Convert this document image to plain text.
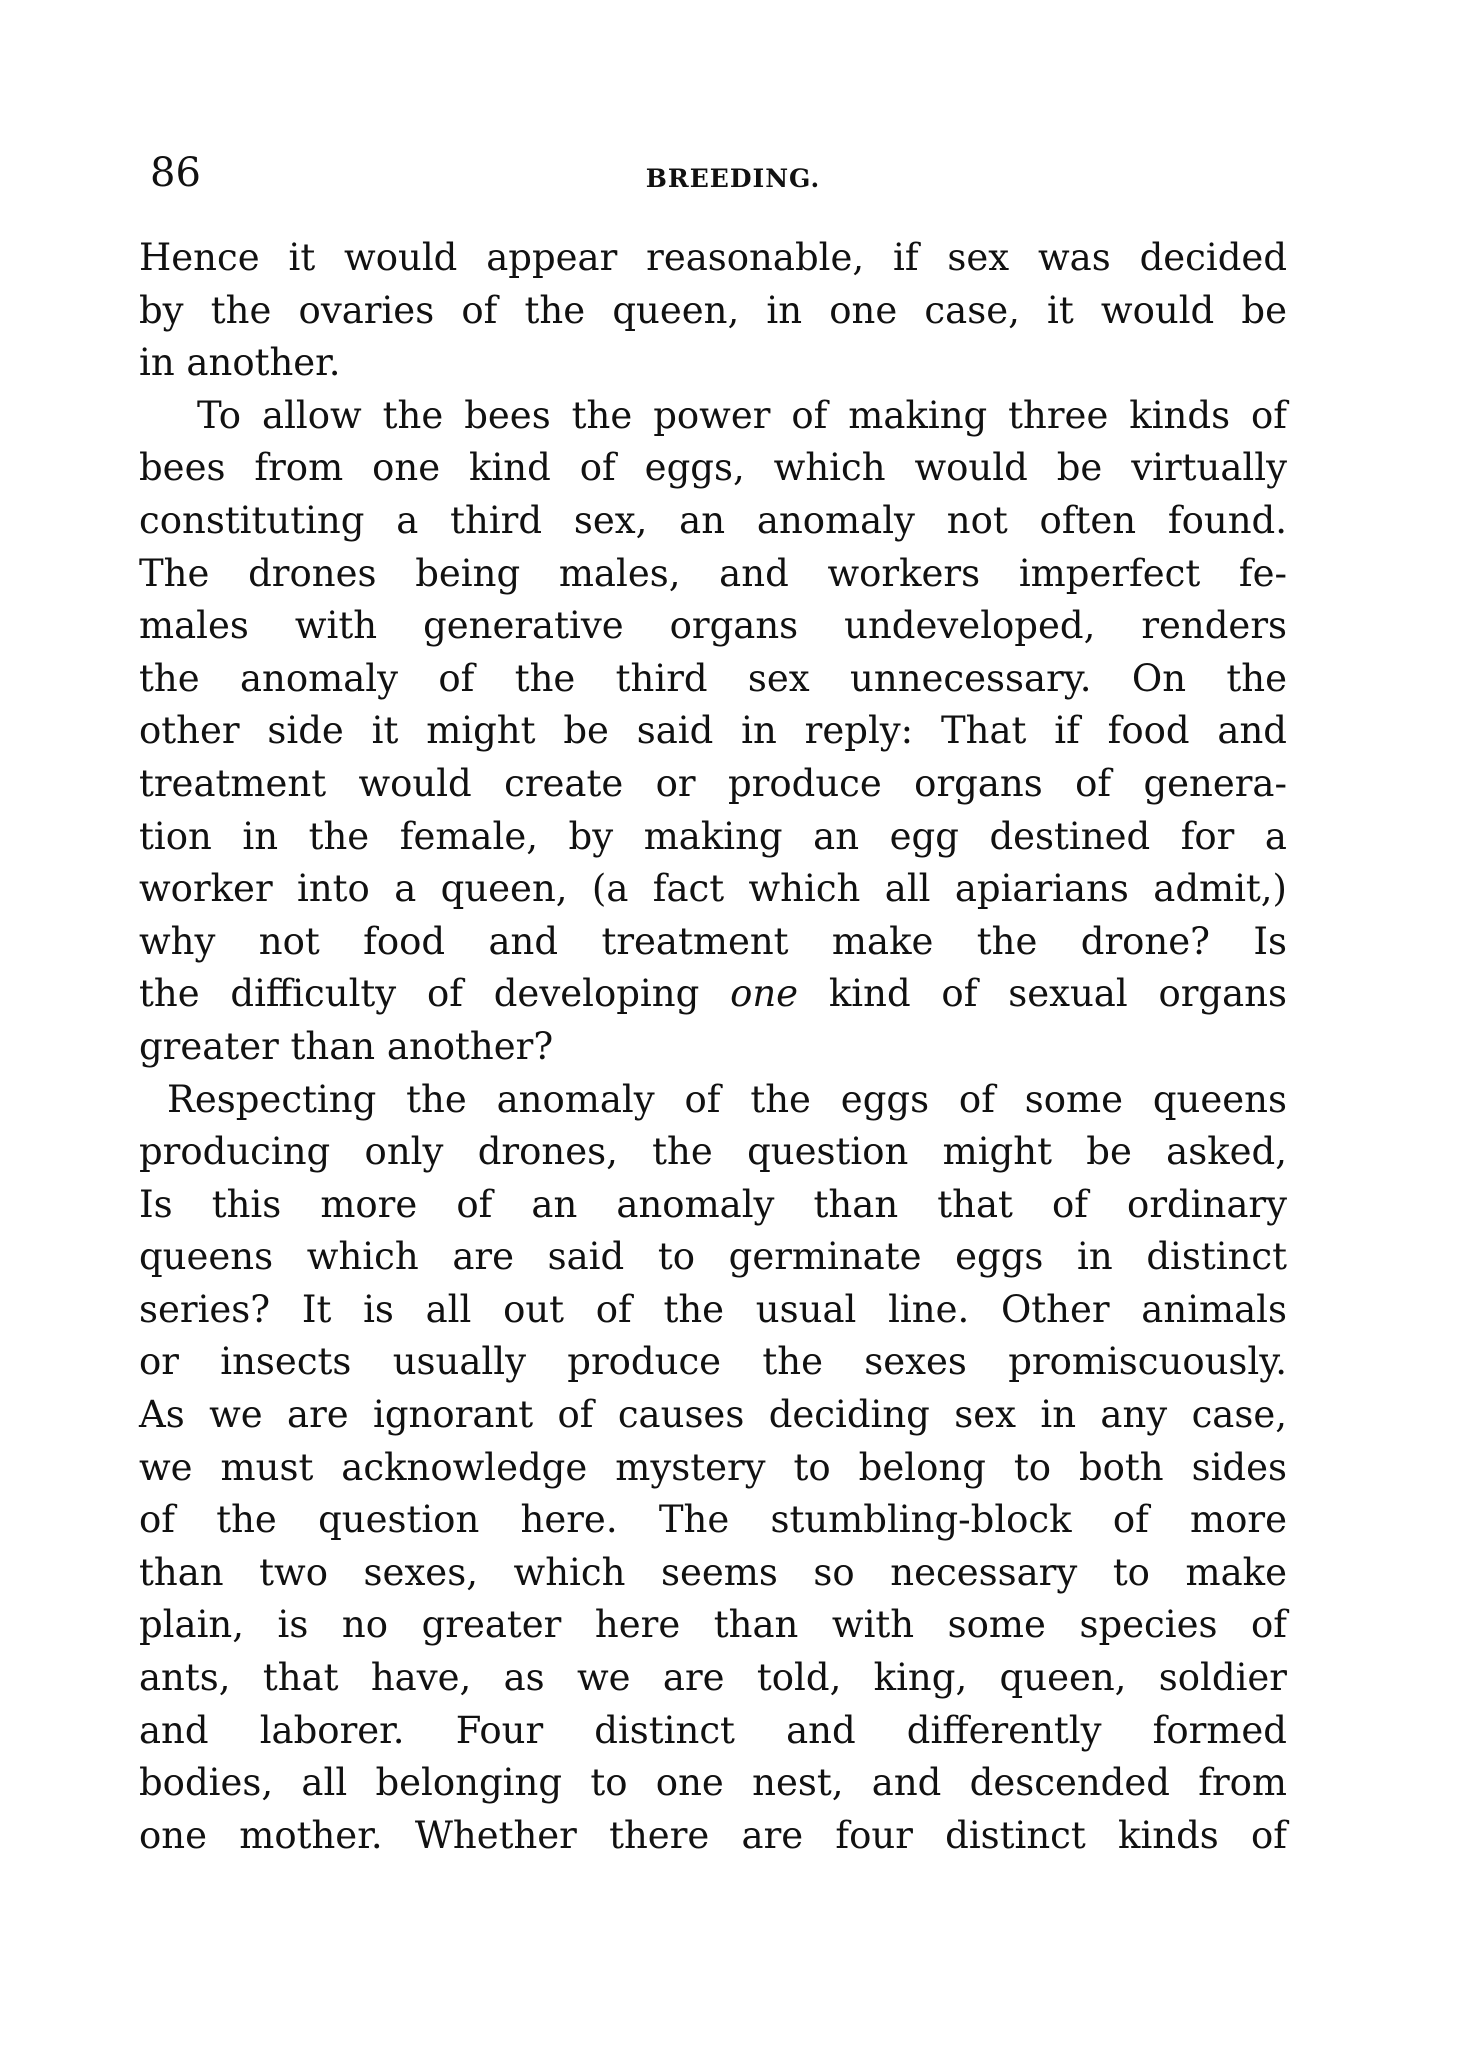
86	BREEDING.
Hence it would appear reasonable, if sex was decided
by the ovaries of the queen, in one case, it would be
in another.
To allow the bees the power of making three kinds of
bees from one kind of eggs, which would be virtually
constituting a third sex, an anomaly not often found.
The drones being males, and workers imperfect fe-
males with generative organs undeveloped, renders
the anomaly of the third sex unnecessary. On the
other side it might be said in reply: That if food and
treatment would create or produce organs of genera-
tion in the female, by making an egg destined for a
worker into a queen, (a fact which all apiarians admit,)
why not food and treatment make the drone? Is
the difficulty of developing one kind of sexual organs
greater than another?
Respecting the anomaly of the eggs of some queens
producing only drones, the question might be asked,
Is this more of an anomaly than that of ordinary
queens which are said to germinate eggs in distinct
series? It is all out of the usual line. Other animals
or insects usually produce the sexes promiscuously.
As we are ignorant of causes deciding sex in any case,
we must acknowledge mystery to belong to both sides
of the question here. The stumbling-block of more
than two sexes, which seems so necessary to make
plain, is no greater here than with some species of
ants, that have, as we are told, king, queen, soldier
and laborer. Four distinct and differently formed
bodies, all belonging to one nest, and descended from
one mother. Whether there are four distinct kinds of
